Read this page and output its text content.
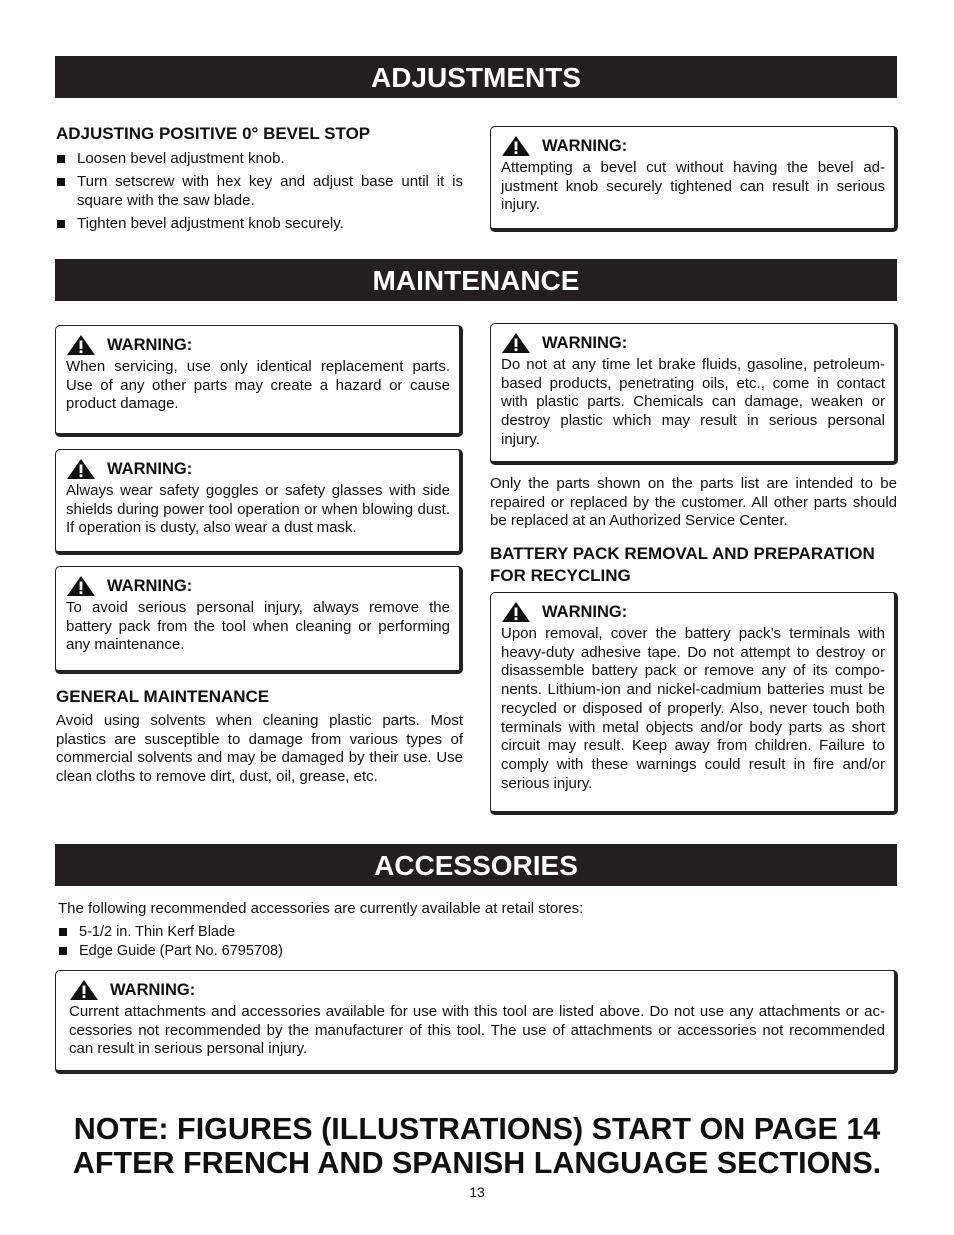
ADJUSTMENTS
ADJUSTING POSITIVE 0° BEVEL STOP
Loosen bevel adjustment knob.
Turn setscrew with hex key and adjust base until it is square with the saw blade.
Tighten bevel adjustment knob securely.
WARNING:
Attempting a bevel cut without having the bevel ad-justment knob securely tightened can result in serious injury.
MAINTENANCE
WARNING:
When servicing, use only identical replacement parts. Use of any other parts may create a hazard or cause product damage.
WARNING:
Always wear safety goggles or safety glasses with side shields during power tool operation or when blowing dust. If operation is dusty, also wear a dust mask.
WARNING:
To avoid serious personal injury, always remove the battery pack from the tool when cleaning or performing any maintenance.
GENERAL MAINTENANCE
Avoid using solvents when cleaning plastic parts. Most plastics are susceptible to damage from various types of commercial solvents and may be damaged by their use. Use clean cloths to remove dirt, dust, oil, grease, etc.
WARNING:
Do not at any time let brake fluids, gasoline, petroleum-based products, penetrating oils, etc., come in contact with plastic parts. Chemicals can damage, weaken or destroy plastic which may result in serious personal injury.
Only the parts shown on the parts list are intended to be repaired or replaced by the customer. All other parts should be replaced at an Authorized Service Center.
BATTERY PACK REMOVAL AND PREPARATION FOR RECYCLING
WARNING:
Upon removal, cover the battery pack’s terminals with heavy-duty adhesive tape. Do not attempt to destroy or disassemble battery pack or remove any of its compo-nents. Lithium-ion and nickel-cadmium batteries must be recycled or disposed of properly. Also, never touch both terminals with metal objects and/or body parts as short circuit may result. Keep away from children. Failure to comply with these warnings could result in fire and/or serious injury.
ACCESSORIES
The following recommended accessories are currently available at retail stores:
5-1/2 in. Thin Kerf Blade
Edge Guide (Part No. 6795708)
WARNING:
Current attachments and accessories available for use with this tool are listed above. Do not use any attachments or ac-cessories not recommended by the manufacturer of this tool. The use of attachments or accessories not recommended can result in serious personal injury.
NOTE: FIGURES (ILLUSTRATIONS) START ON PAGE 14 AFTER FRENCH AND SPANISH LANGUAGE SECTIONS.
13
